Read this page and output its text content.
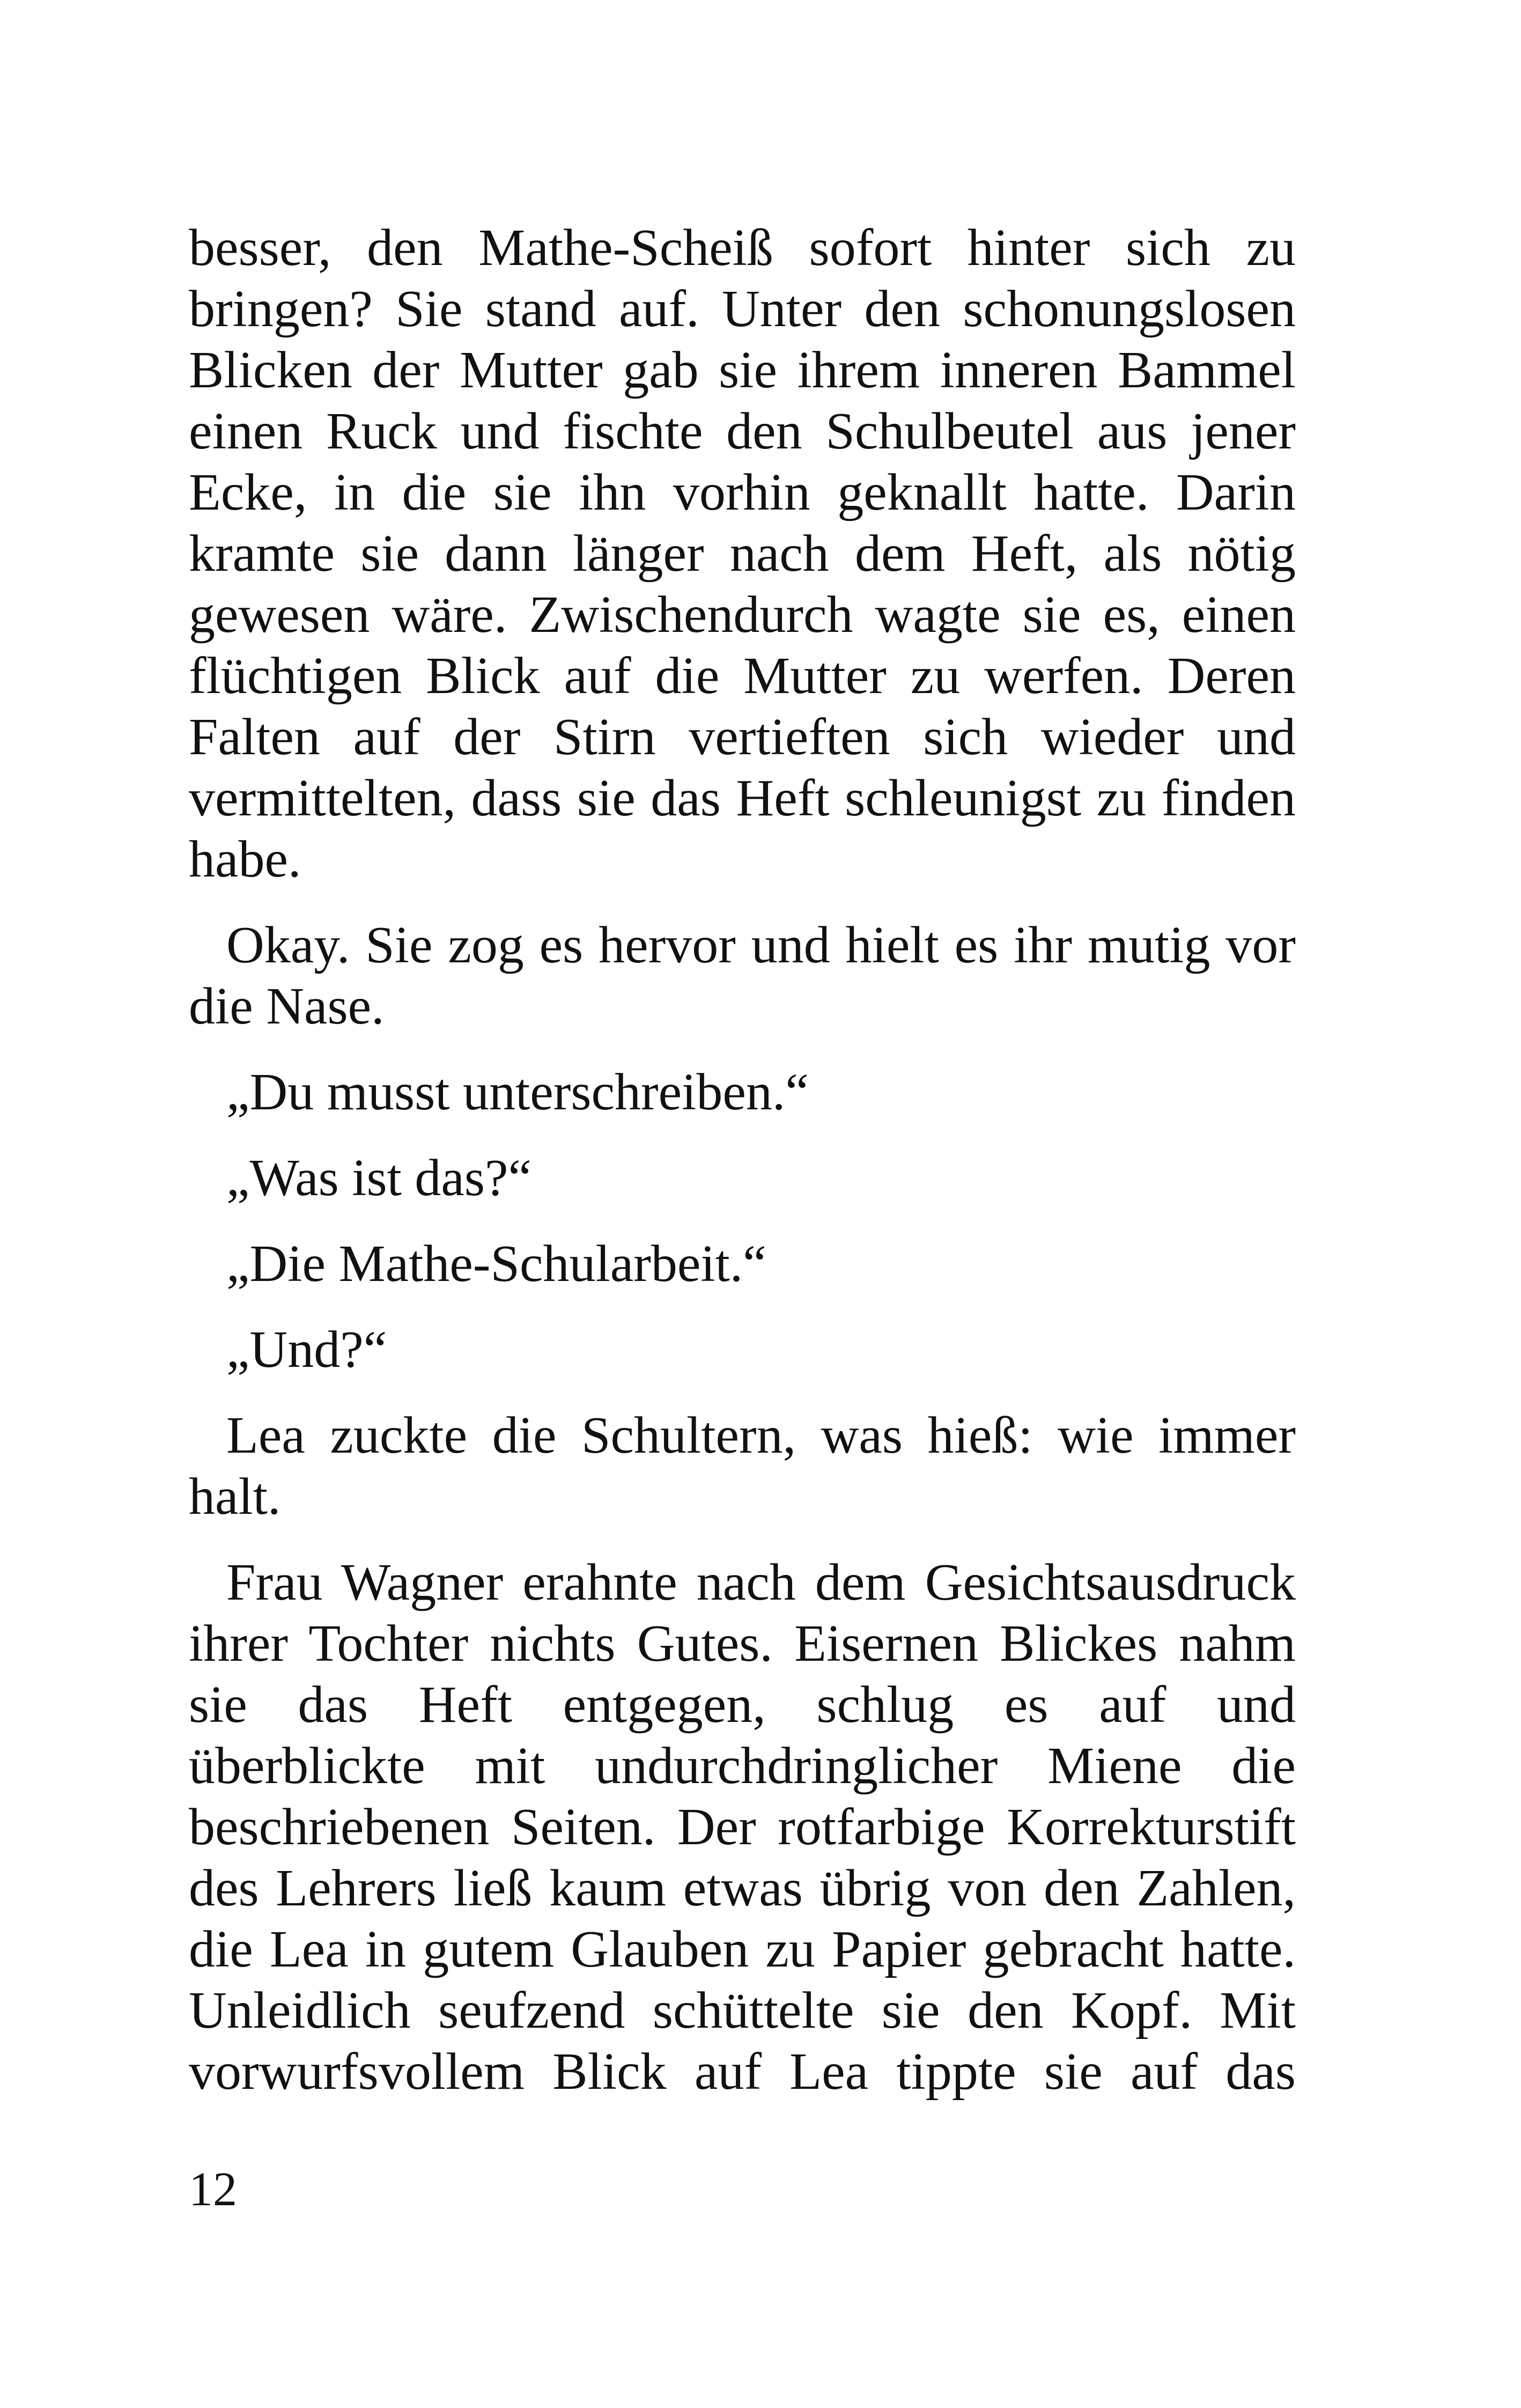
besser, den Mathe-Scheiß sofort hinter sich zu
bringen? Sie stand auf. Unter den schonungslosen
Blicken der Mutter gab sie ihrem inneren Bammel
einen Ruck und fischte den Schulbeutel aus jener
Ecke, in die sie ihn vorhin geknallt hatte. Darin
kramte sie dann länger nach dem Heft, als nötig
gewesen wäre. Zwischendurch wagte sie es, einen
flüchtigen Blick auf die Mutter zu werfen. Deren
Falten auf der Stirn vertieften sich wieder und
vermittelten, dass sie das Heft schleunigst zu finden
habe.
Okay. Sie zog es hervor und hielt es ihr mutig vor
die Nase.
„Du musst unterschreiben.“
„Was ist das?“
„Die Mathe-Schularbeit.“
„Und?“
Lea zuckte die Schultern, was hieß: wie immer
halt.
Frau Wagner erahnte nach dem Gesichtsausdruck
ihrer Tochter nichts Gutes. Eisernen Blickes nahm
sie das Heft entgegen, schlug es auf und
überblickte mit undurchdringlicher Miene die
beschriebenen Seiten. Der rotfarbige Korrekturstift
des Lehrers ließ kaum etwas übrig von den Zahlen,
die Lea in gutem Glauben zu Papier gebracht hatte.
Unleidlich seufzend schüttelte sie den Kopf. Mit
vorwurfsvollem Blick auf Lea tippte sie auf das
12
